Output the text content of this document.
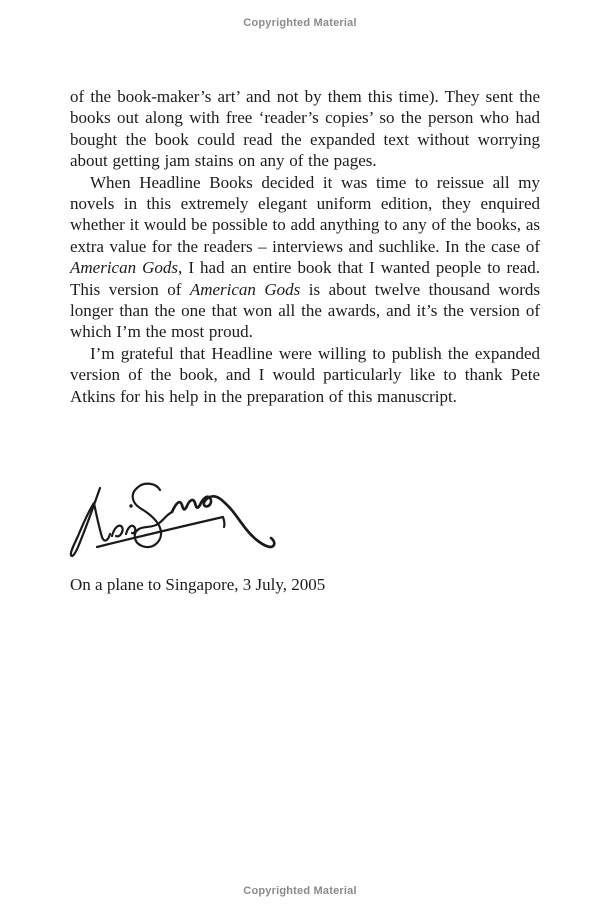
Copyrighted Material

of the book-maker’s art’ and not by them this time). They sent the books out along with free ‘reader’s copies’ so the person who had bought the book could read the expanded text without worrying about getting jam stains on any of the pages.

When Headline Books decided it was time to reissue all my novels in this extremely elegant uniform edition, they enquired whether it would be possible to add anything to any of the books, as extra value for the readers – interviews and suchlike. In the case of American Gods, I had an entire book that I wanted people to read. This version of American Gods is about twelve thousand words longer than the one that won all the awards, and it’s the version of which I’m the most proud.

I’m grateful that Headline were willing to publish the expanded version of the book, and I would particularly like to thank Pete Atkins for his help in the preparation of this manuscript.

On a plane to Singapore, 3 July, 2005

Copyrighted Material
